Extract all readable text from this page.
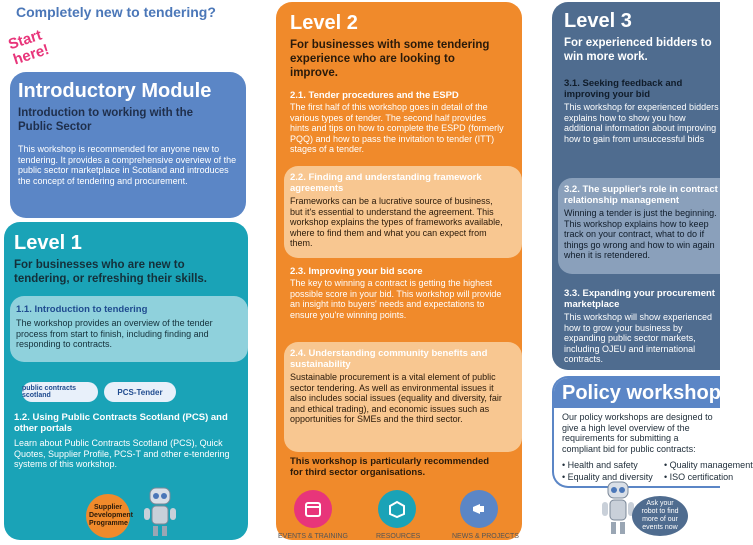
Completely new to tendering?
Start here!
Introductory Module
Introduction to working with the Public Sector
This workshop is recommended for anyone new to tendering. It provides a comprehensive overview of the public sector marketplace in Scotland and introduces the concept of tendering and procurement.
Level 1
For businesses who are new to tendering, or refreshing their skills.
1.1. Introduction to tendering
The workshop provides an overview of the tender process from start to finish, including finding and responding to contracts.
public contracts scotland	PCS-Tender
1.2. Using Public Contracts Scotland (PCS) and other portals
Learn about Public Contracts Scotland (PCS), Quick Quotes, Supplier Profile, PCS-T and other e-tendering systems of this workshop.
Level 2
For businesses with some tendering experience who are looking to improve.
2.1. Tender procedures and the ESPD
The first half of this workshop goes in detail of the various types of tender. The second half provides hints and tips on how to complete the ESPD (formerly PQQ) and how to pass the invitation to tender (ITT) stages of a tender.
2.2. Finding and understanding framework agreements
Frameworks can be a lucrative source of business, but it's essential to understand the agreement. This workshop explains the types of frameworks available, where to find them and what you can expect from them.
2.3. Improving your bid score
The key to winning a contract is getting the highest possible score in your bid. This workshop will provide an insight into buyers' needs and expectations to ensure you're winning points.
2.4. Understanding community benefits and sustainability
Sustainable procurement is a vital element of public sector tendering. As well as environmental issues it also includes social issues (equality and diversity, fair and ethical trading), and economic issues such as opportunities for SMEs and the third sector.
This workshop is particularly recommended for third sector organisations.
Level 3
For experienced bidders to win more work.
3.1. Seeking feedback and improving your bid
This workshop for experienced bidders explains how to show you how additional information about improving how to gain from unsuccessful bids
3.2. The supplier's role in contract relationship management
Winning a tender is just the beginning. This workshop explains how to keep track on your contract, what to do if things go wrong and how to win again when it is retendered.
3.3. Expanding your procurement marketplace
This workshop will show experienced how to grow your business by expanding public sector markets, including OJEU and international contracts.
Policy workshops
Our policy workshops are designed to give a high level overview of the requirements for submitting a compliant bid for public contracts:
• Health and safety	• Quality management
• Equality and diversity • ISO certification
Supplier Development Programme
EVENTS & TRAINING	RESOURCES	NEWS & PROJECTS
Ask your robot to find more of our events now
